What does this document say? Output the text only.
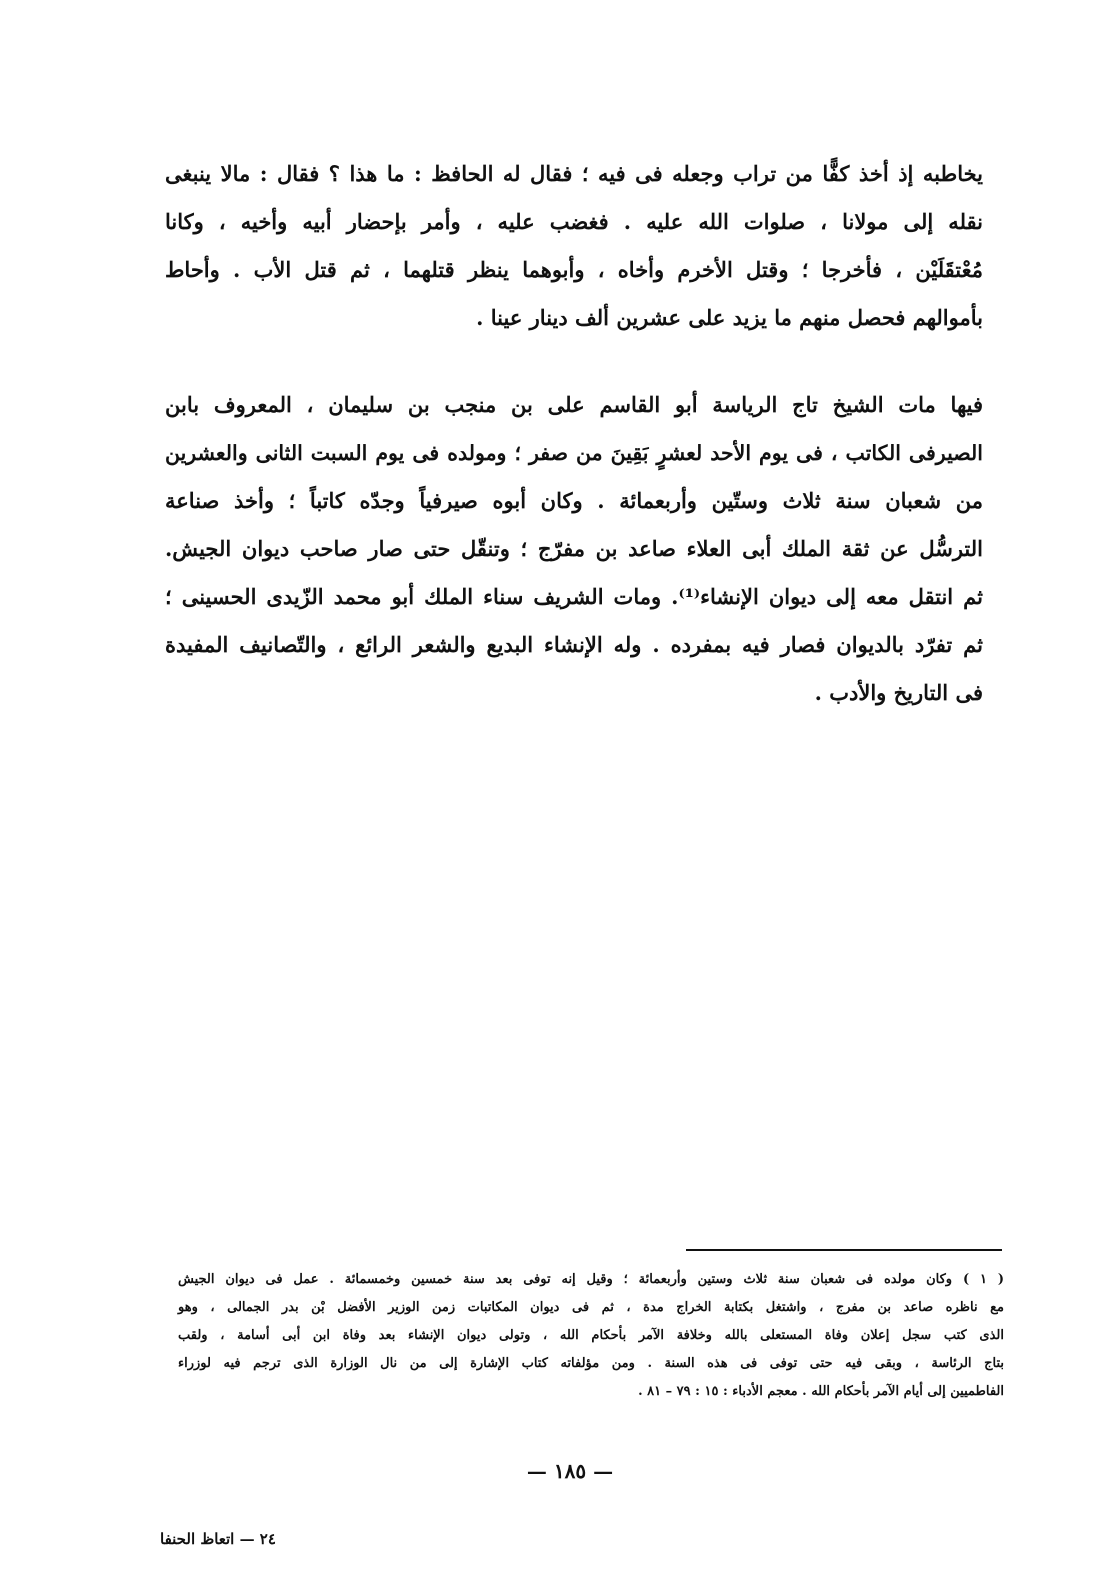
يخاطبه إذ أخذ كفًّا من تراب وجعله فى فيه ؛ فقال له الحافظ : ما هذا ؟ فقال : مالا ينبغى
نقله إلى مولانا ، صلوات الله عليه . فغضب عليه ، وأمر بإحضار أبيه وأخيه ، وكانا
مُعْتقَلَيْن ، فأخرجا ؛ وقتل الأخرم وأخاه ، وأبوهما ينظر قتلهما ، ثم قتل الأب . وأحاط
بأموالهم فحصل منهم ما يزيد على عشرين ألف دينار عينا .
فيها مات الشيخ تاج الرياسة أبو القاسم على بن منجب بن سليمان ، المعروف بابن
الصيرفى الكاتب ، فى يوم الأحد لعشرٍ بَقِينَ من صفر ؛ ومولده فى يوم السبت الثانى والعشرين
من شعبان سنة ثلاث وستّين وأربعمائة . وكان أبوه صيرفياً وجدّه كاتباً ؛ وأخذ صناعة
الترسُّل عن ثقة الملك أبى العلاء صاعد بن مفرّج ؛ وتنقّل حتى صار صاحب ديوان الجيش.
ثم انتقل معه إلى ديوان الإنشاء⁽¹⁾. ومات الشريف سناء الملك أبو محمد الزّيدى الحسينى ؛
ثم تفرّد بالديوان فصار فيه بمفرده . وله الإنشاء البديع والشعر الرائع ، والتّصانيف المفيدة
فى التاريخ والأدب .
( ١ ) وكان مولده فى شعبان سنة ثلاث وستين وأربعمائة ؛ وقيل إنه توفى بعد سنة خمسين وخمسمائة . عمل فى ديوان الجيش
مع ناظره صاعد بن مفرج ، واشتغل بكتابة الخراج مدة ، ثم فى ديوان المكاتبات زمن الوزير الأفضل بْن بدر الجمالى ، وهو
الذى كتب سجل إعلان وفاة المستعلى بالله وخلافة الآمر بأحكام الله ، وتولى ديوان الإنشاء بعد وفاة ابن أبى أسامة ، ولقب
بتاج الرئاسة ، وبقى فيه حتى توفى فى هذه السنة . ومن مؤلفاته كتاب الإشارة إلى من نال الوزارة الذى ترجم فيه لوزراء
الفاطميين إلى أيام الآمر بأحكام الله . معجم الأدباء : ١٥ : ٧٩ – ٨١ .
— ١٨٥ —
٢٤ — اتعاظ الحنفا
